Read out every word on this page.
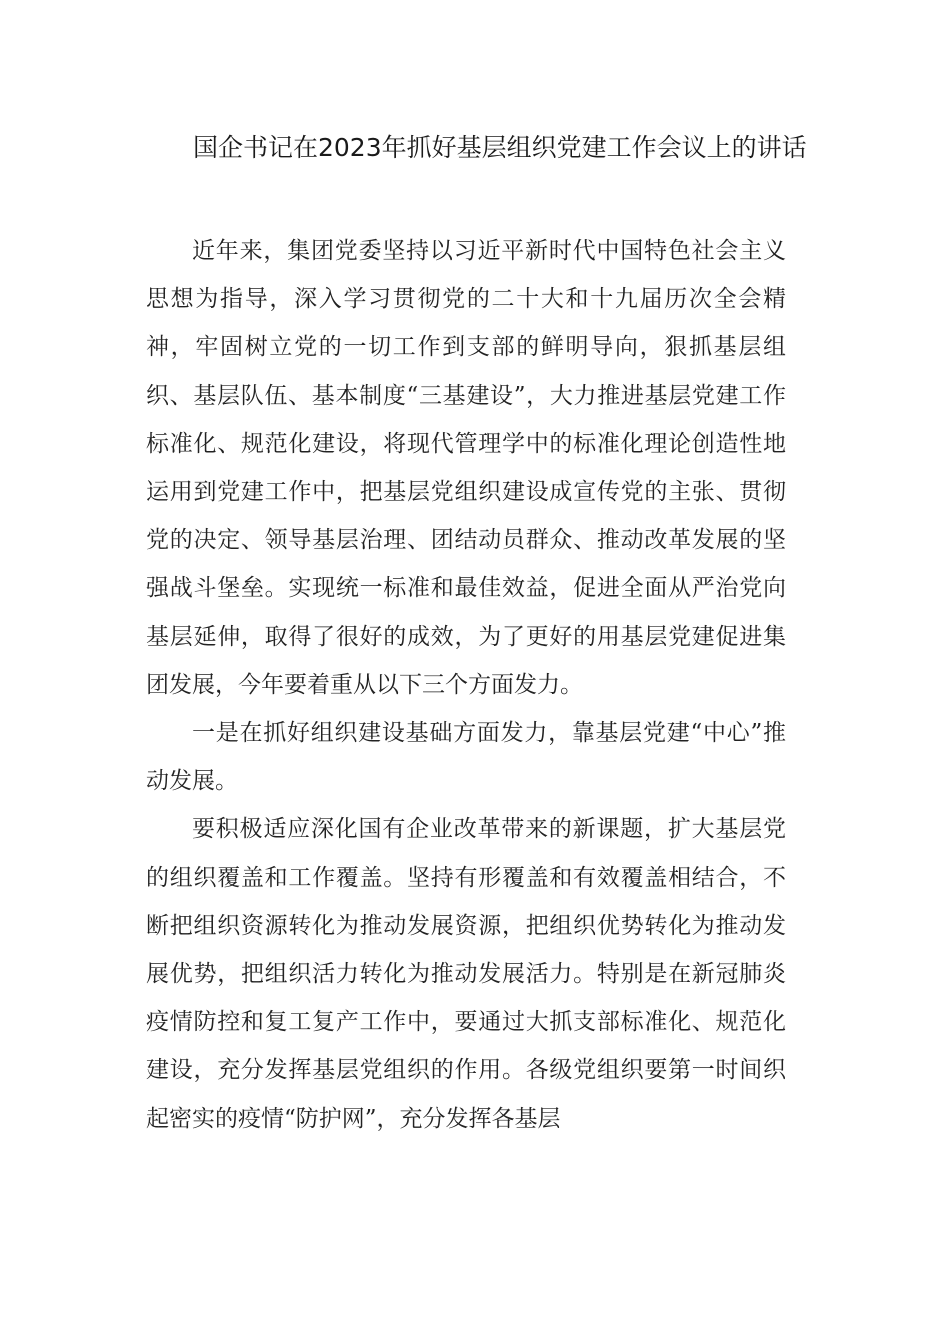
国企书记在2023年抓好基层组织党建工作会议上的讲话

近年来，集团党委坚持以习近平新时代中国特色社会主义思想为指导，深入学习贯彻党的二十大和十九届历次全会精神，牢固树立党的一切工作到支部的鲜明导向，狠抓基层组织、基层队伍、基本制度“三基建设”，大力推进基层党建工作标准化、规范化建设，将现代管理学中的标准化理论创造性地运用到党建工作中，把基层党组织建设成宣传党的主张、贯彻党的决定、领导基层治理、团结动员群众、推动改革发展的坚强战斗堡垒。实现统一标准和最佳效益，促进全面从严治党向基层延伸，取得了很好的成效，为了更好的用基层党建促进集团发展，今年要着重从以下三个方面发力。

一是在抓好组织建设基础方面发力，靠基层党建“中心”推动发展。

要积极适应深化国有企业改革带来的新课题，扩大基层党的组织覆盖和工作覆盖。坚持有形覆盖和有效覆盖相结合，不断把组织资源转化为推动发展资源，把组织优势转化为推动发展优势，把组织活力转化为推动发展活力。特别是在新冠肺炎疫情防控和复工复产工作中，要通过大抓支部标准化、规范化建设，充分发挥基层党组织的作用。各级党组织要第一时间织起密实的疫情“防护网”，充分发挥各基层
